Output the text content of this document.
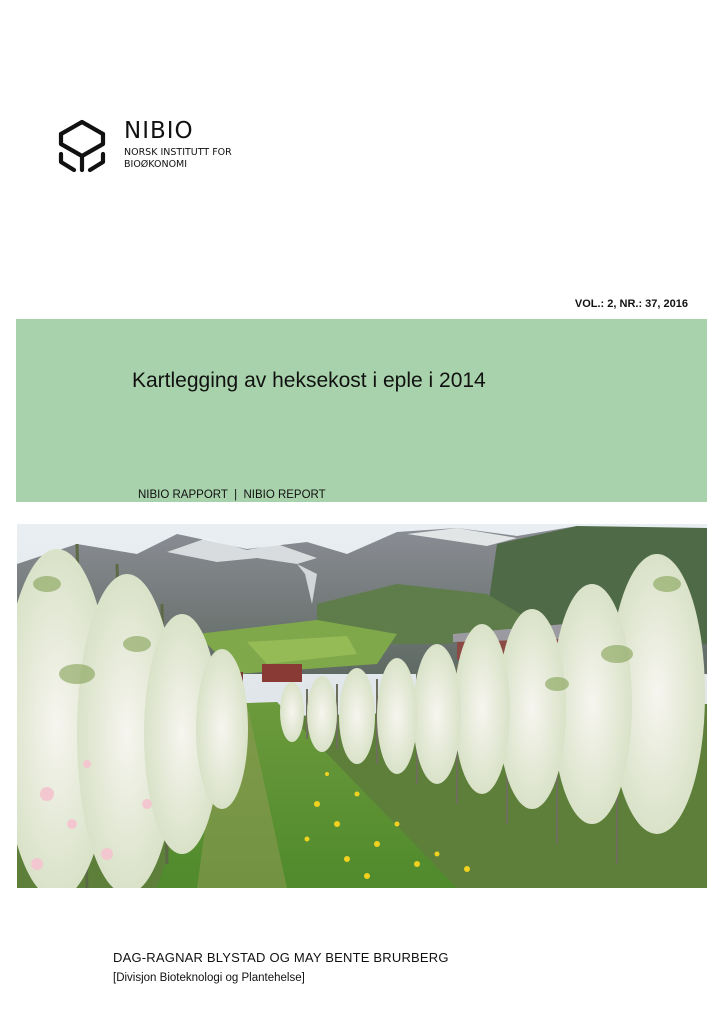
NIBIO
NORSK INSTITUTT FOR
BIOØKONOMI
VOL.: 2, NR.: 37, 2016
Kartlegging av heksekost i eple i 2014
NIBIO RAPPORT  |  NIBIO REPORT
DAG-RAGNAR BLYSTAD OG MAY BENTE BRURBERG
[Divisjon Bioteknologi og Plantehelse]
